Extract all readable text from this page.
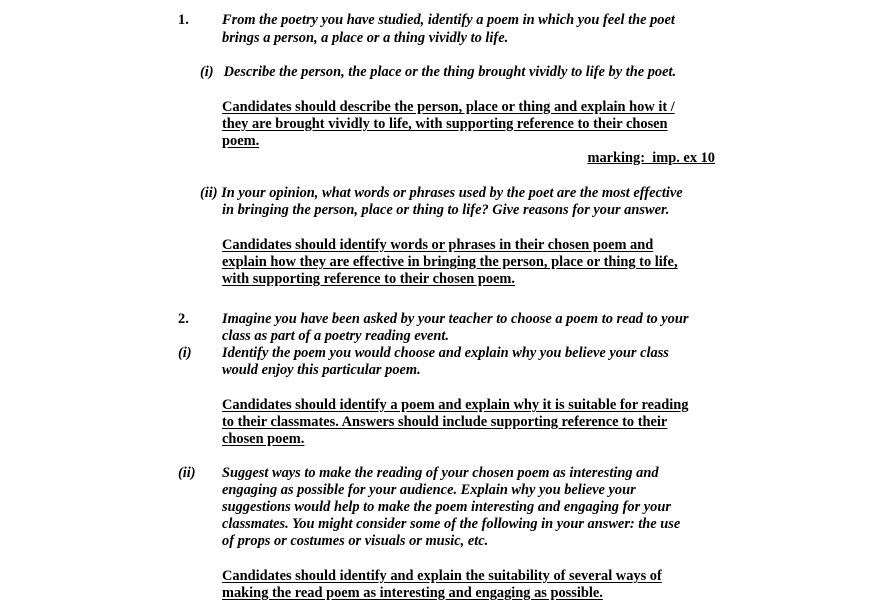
1. From the poetry you have studied, identify a poem in which you feel the poet
brings a person, a place or a thing vividly to life.
(i) Describe the person, the place or the thing brought vividly to life by the poet.
Candidates should describe the person, place or thing and explain how it /
they are brought vividly to life, with supporting reference to their chosen
poem.
marking:  imp. ex 10
(ii) In your opinion, what words or phrases used by the poet are the most effective
in bringing the person, place or thing to life? Give reasons for your answer.
Candidates should identify words or phrases in their chosen poem and
explain how they are effective in bringing the person, place or thing to life,
with supporting reference to their chosen poem.
2. Imagine you have been asked by your teacher to choose a poem to read to your
class as part of a poetry reading event.
(i) Identify the poem you would choose and explain why you believe your class
would enjoy this particular poem.
Candidates should identify a poem and explain why it is suitable for reading
to their classmates. Answers should include supporting reference to their
chosen poem.
(ii) Suggest ways to make the reading of your chosen poem as interesting and
engaging as possible for your audience. Explain why you believe your
suggestions would help to make the poem interesting and engaging for your
classmates. You might consider some of the following in your answer: the use
of props or costumes or visuals or music, etc.
Candidates should identify and explain the suitability of several ways of
making the read poem as interesting and engaging as possible.
